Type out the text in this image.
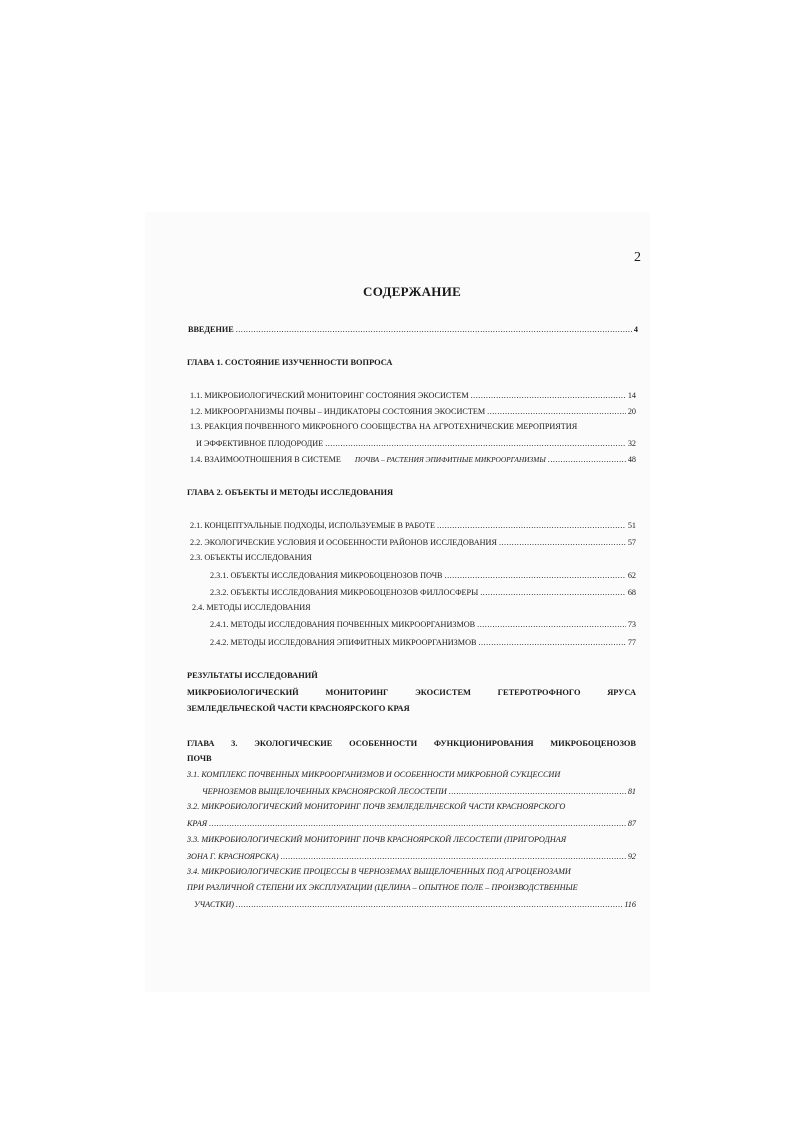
2
СОДЕРЖАНИЕ
ВВЕДЕНИЕ .....	4
ГЛАВА 1. СОСТОЯНИЕ ИЗУЧЕННОСТИ ВОПРОСА
1.1. МИКРОБИОЛОГИЧЕСКИЙ МОНИТОРИНГ СОСТОЯНИЯ ЭКОСИСТЕМ .....	14
1.2. МИКРООРГАНИЗМЫ ПОЧВЫ – ИНДИКАТОРЫ СОСТОЯНИЯ ЭКОСИСТЕМ .....	20
1.3. РЕАКЦИЯ ПОЧВЕННОГО МИКРОБНОГО СООБЩЕСТВА НА АГРОТЕХНИЧЕСКИЕ МЕРОПРИЯТИЯ
И ЭФФЕКТИВНОЕ ПЛОДОРОДИЕ .....	32
1.4. ВЗАИМООТНОШЕНИЯ В СИСТЕМЕ ПОЧВА – РАСТЕНИЯ ЭПИФИТНЫЕ МИКРООРГАНИЗМЫ .....	48
ГЛАВА 2. ОБЪЕКТЫ И МЕТОДЫ ИССЛЕДОВАНИЯ
2.1. КОНЦЕПТУАЛЬНЫЕ ПОДХОДЫ, ИСПОЛЬЗУЕМЫЕ В РАБОТЕ .....	51
2.2. ЭКОЛОГИЧЕСКИЕ УСЛОВИЯ И ОСОБЕННОСТИ РАЙОНОВ ИССЛЕДОВАНИЯ .....	57
2.3. ОБЪЕКТЫ ИССЛЕДОВАНИЯ
2.3.1. ОБЪЕКТЫ ИССЛЕДОВАНИЯ МИКРОБОЦЕНОЗОВ ПОЧВ .....	62
2.3.2. ОБЪЕКТЫ ИССЛЕДОВАНИЯ МИКРОБОЦЕНОЗОВ ФИЛЛОСФЕРЫ .....	68
2.4. МЕТОДЫ ИССЛЕДОВАНИЯ
2.4.1. МЕТОДЫ ИССЛЕДОВАНИЯ ПОЧВЕННЫХ МИКРООРГАНИЗМОВ .....	73
2.4.2. МЕТОДЫ ИССЛЕДОВАНИЯ ЭПИФИТНЫХ МИКРООРГАНИЗМОВ .....	77
РЕЗУЛЬТАТЫ ИССЛЕДОВАНИЙ
МИКРОБИОЛОГИЧЕСКИЙ МОНИТОРИНГ ЭКОСИСТЕМ ГЕТЕРОТРОФНОГО ЯРУСА
ЗЕМЛЕДЕЛЬЧЕСКОЙ ЧАСТИ КРАСНОЯРСКОГО КРАЯ
ГЛАВА 3. ЭКОЛОГИЧЕСКИЕ ОСОБЕННОСТИ ФУНКЦИОНИРОВАНИЯ МИКРОБОЦЕНОЗОВ
ПОЧВ
3.1. КОМПЛЕКС ПОЧВЕННЫХ МИКРООРГАНИЗМОВ И ОСОБЕННОСТИ МИКРОБНОЙ СУКЦЕССИИ
ЧЕРНОЗЕМОВ ВЫЩЕЛОЧЕННЫХ КРАСНОЯРСКОЙ ЛЕСОСТЕПИ .....	81
3.2. МИКРОБИОЛОГИЧЕСКИЙ МОНИТОРИНГ ПОЧВ ЗЕМЛЕДЕЛЬЧЕСКОЙ ЧАСТИ КРАСНОЯРСКОГО
КРАЯ .....	87
3.3. МИКРОБИОЛОГИЧЕСКИЙ МОНИТОРИНГ ПОЧВ КРАСНОЯРСКОЙ ЛЕСОСТЕПИ (ПРИГОРОДНАЯ
ЗОНА Г. КРАСНОЯРСКА) .....	92
3.4. МИКРОБИОЛОГИЧЕСКИЕ ПРОЦЕССЫ В ЧЕРНОЗЕМАХ ВЫЩЕЛОЧЕННЫХ ПОД АГРОЦЕНОЗАМИ
ПРИ РАЗЛИЧНОЙ СТЕПЕНИ ИХ ЭКСПЛУАТАЦИИ (ЦЕЛИНА – ОПЫТНОЕ ПОЛЕ – ПРОИЗВОДСТВЕННЫЕ
УЧАСТКИ) .....	116
